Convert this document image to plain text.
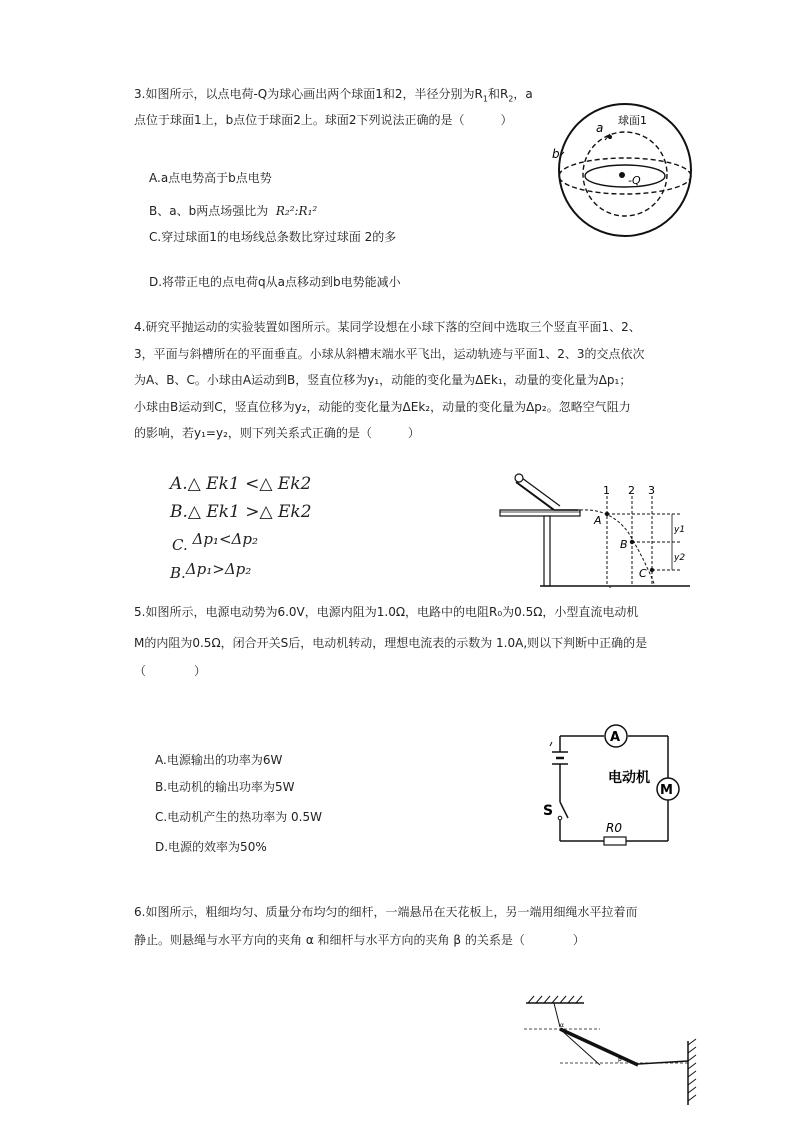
3.如图所示，以点电荷-Q为球心画出两个球面1和2，半径分别为$R_1$和$R_2$，a
点位于球面1上，b点位于球面2上。球面2下列说法正确的是（　　　）
A.a点电势高于b点电势
B、a、b两点场强比为 R₂²:R₁²
C.穿过球面1的电场线总条数比穿过球面 2的多
D.将带正电的点电荷q从a点移动到b电势能减小
球面1
a
b
-Q
4.研究平抛运动的实验装置如图所示。某同学设想在小球下落的空间中选取三个竖直平面1、2、
3，平面与斜槽所在的平面垂直。小球从斜槽末端水平飞出，运动轨迹与平面1、2、3的交点依次
为A、B、C。小球由A运动到B，竖直位移为y₁，动能的变化量为ΔEk₁，动量的变化量为Δp₁；
小球由B运动到C，竖直位移为y₂，动能的变化量为ΔEk₂，动量的变化量为Δp₂。忽略空气阻力
的影响，若y₁=y₂，则下列关系式正确的是（　　　）
A.△ Ek1 <△ Ek2
B.△ Ek1 >△ Ek2
C. Δp₁<Δp₂
B.Δp₁>Δp₂
1 2 3
A
B
C
y1
y2
5.如图所示，电源电动势为6.0V，电源内阻为1.0Ω，电路中的电阻R₀为0.5Ω，小型直流电动机
M的内阻为0.5Ω，闭合开关S后，电动机转动，理想电流表的示数为 1.0A,则以下判断中正确的是
（　　　　）
A.电源输出的功率为6W
B.电动机的输出功率为5W
C.电动机产生的热功率为 0.5W
D.电源的效率为50%
A
M
电动机
R0
S
6.如图所示，粗细均匀、质量分布均匀的细杆，一端悬吊在天花板上，另一端用细绳水平拉着而
静止。则悬绳与水平方向的夹角 α 和细杆与水平方向的夹角 β 的关系是（　　　　）
α
β
